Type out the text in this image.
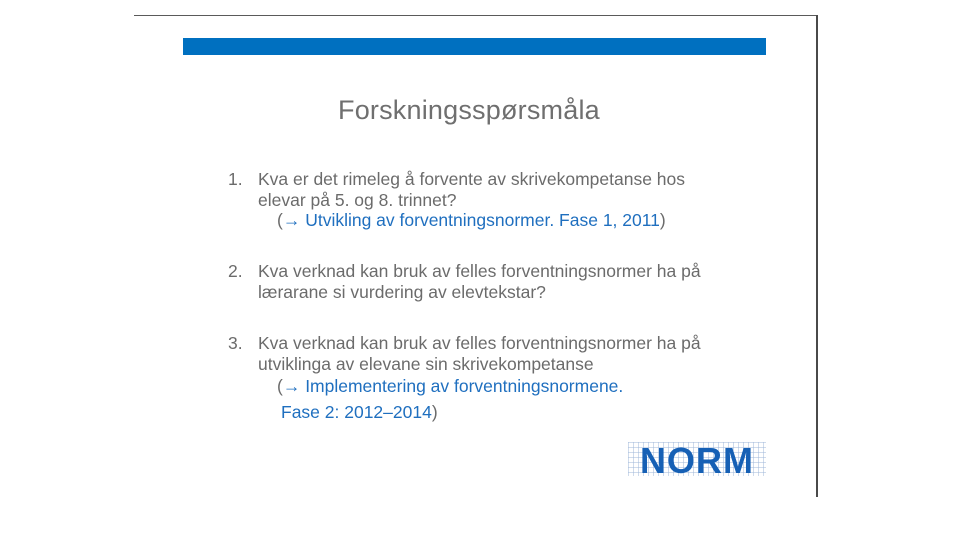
Forskningsspørsmåla
1. Kva er det rimeleg å forvente av skrivekompetanse hos
elevar på 5. og 8. trinnet?
(→ Utvikling av forventningsnormer. Fase 1, 2011)
2. Kva verknad kan bruk av felles forventningsnormer ha på
lærarane si vurdering av elevtekstar?
3. Kva verknad kan bruk av felles forventningsnormer ha på
utviklinga av elevane sin skrivekompetanse
(→ Implementering av forventningsnormene.
Fase 2: 2012–2014)
NORM
